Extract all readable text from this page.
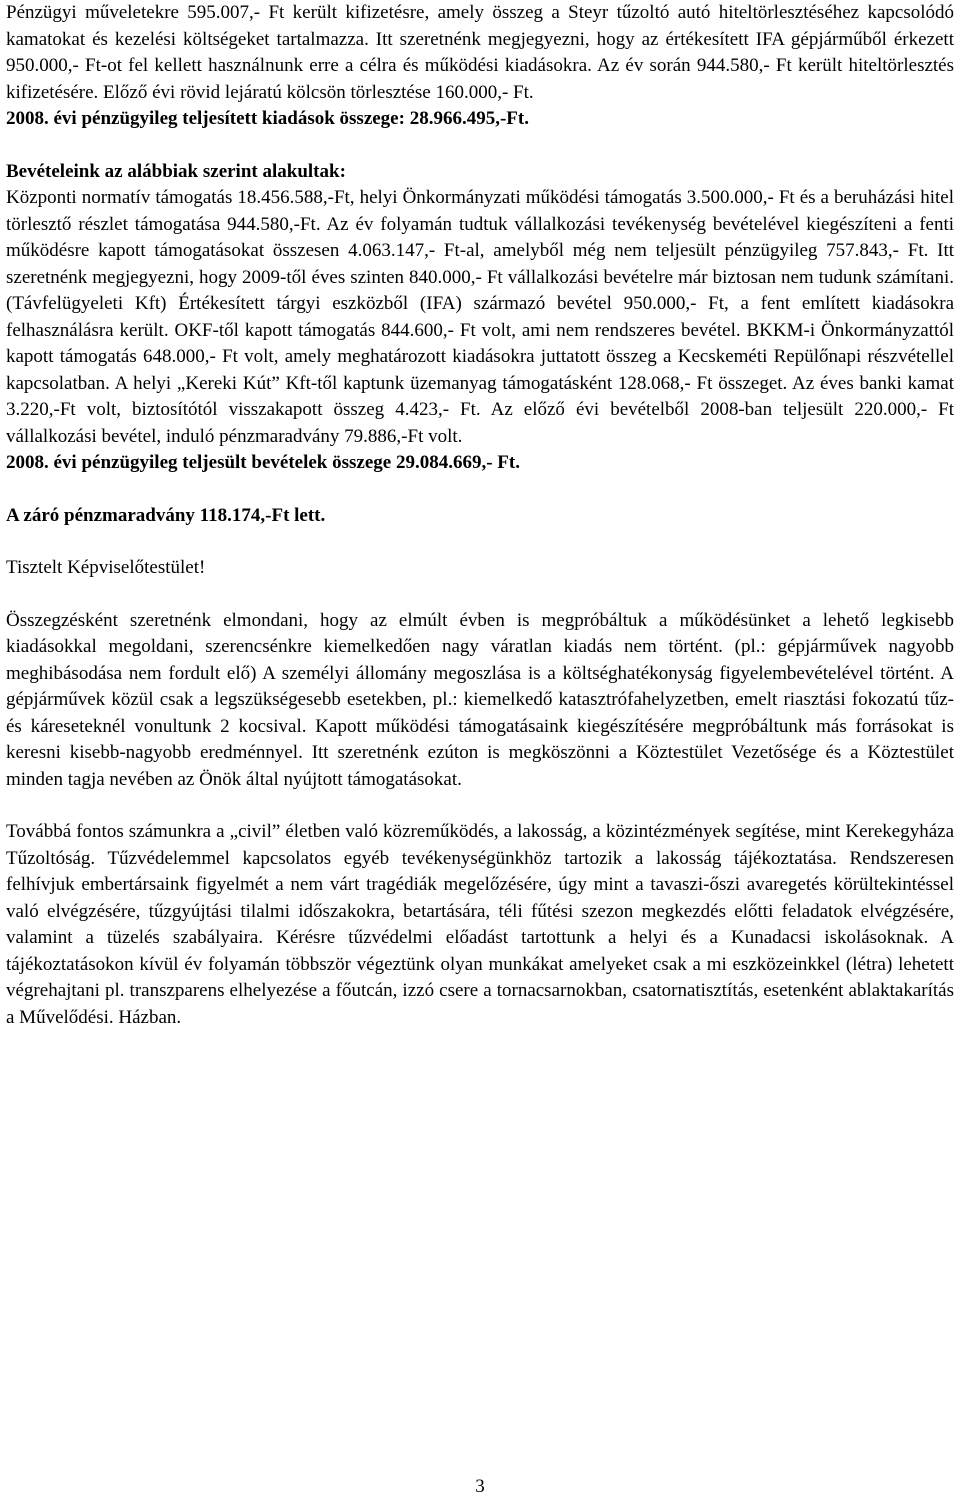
Pénzügyi műveletekre 595.007,- Ft került kifizetésre, amely összeg a Steyr tűzoltó autó hiteltörlesztéséhez kapcsolódó kamatokat és kezelési költségeket tartalmazza. Itt szeretnénk megjegyezni, hogy az értékesített IFA gépjárműből érkezett 950.000,- Ft-ot fel kellett használnunk erre a célra és működési kiadásokra. Az év során 944.580,- Ft került hiteltörlesztés kifizetésére. Előző évi rövid lejáratú kölcsön törlesztése 160.000,- Ft.

2008. évi pénzügyileg teljesített kiadások összege: 28.966.495,-Ft.

Bevételeink az alábbiak szerint alakultak:

Központi normatív támogatás 18.456.588,-Ft, helyi Önkormányzati működési támogatás 3.500.000,- Ft és a beruházási hitel törlesztő részlet támogatása 944.580,-Ft. Az év folyamán tudtuk vállalkozási tevékenység bevételével kiegészíteni a fenti működésre kapott támogatásokat összesen 4.063.147,- Ft-al, amelyből még nem teljesült pénzügyileg 757.843,- Ft. Itt szeretnénk megjegyezni, hogy 2009-től éves szinten 840.000,- Ft vállalkozási bevételre már biztosan nem tudunk számítani.(Távfelügyeleti Kft) Értékesített tárgyi eszközből (IFA) származó bevétel 950.000,- Ft, a fent említett kiadásokra felhasználásra került. OKF-től kapott támogatás 844.600,- Ft volt, ami nem rendszeres bevétel. BKKM-i Önkormányzattól kapott támogatás 648.000,- Ft volt, amely meghatározott kiadásokra juttatott összeg a Kecskeméti Repülőnapi részvétellel kapcsolatban. A helyi „Kereki Kút” Kft-től kaptunk üzemanyag támogatásként 128.068,- Ft összeget. Az éves banki kamat 3.220,-Ft volt, biztosítótól visszakapott összeg 4.423,- Ft. Az előző évi bevételből 2008-ban teljesült 220.000,- Ft vállalkozási bevétel, induló pénzmaradvány 79.886,-Ft volt.

2008. évi pénzügyileg teljesült bevételek összege 29.084.669,- Ft.

A záró pénzmaradvány 118.174,-Ft lett.

Tisztelt Képviselőtestület!

Összegzésként szeretnénk elmondani, hogy az elmúlt évben is megpróbáltuk a működésünket a lehető legkisebb kiadásokkal megoldani, szerencsénkre kiemelkedően nagy váratlan kiadás nem történt. (pl.: gépjárművek nagyobb meghibásodása nem fordult elő) A személyi állomány megoszlása is a költséghatékonyság figyelembevételével történt. A gépjárművek közül csak a legszükségesebb esetekben, pl.: kiemelkedő katasztrófahelyzetben, emelt riasztási fokozatú tűz- és káreseteknél vonultunk 2 kocsival. Kapott működési támogatásaink kiegészítésére megpróbáltunk más forrásokat is keresni kisebb-nagyobb eredménnyel. Itt szeretnénk ezúton is megköszönni a Köztestület Vezetősége és a Köztestület minden tagja nevében az Önök által nyújtott támogatásokat.

Továbbá fontos számunkra a „civil” életben való közreműködés, a lakosság, a közintézmények segítése, mint Kerekegyháza Tűzoltóság. Tűzvédelemmel kapcsolatos egyéb tevékenységünkhöz tartozik a lakosság tájékoztatása. Rendszeresen felhívjuk embertársaink figyelmét a nem várt tragédiák megelőzésére, úgy mint a tavaszi-őszi avaregetés körültekintéssel való elvégzésére, tűzgyújtási tilalmi időszakokra, betartására, téli fűtési szezon megkezdés előtti feladatok elvégzésére, valamint a tüzelés szabályaira. Kérésre tűzvédelmi előadást tartottunk a helyi és a Kunadacsi iskolásoknak. A tájékoztatásokon kívül év folyamán többször végeztünk olyan munkákat amelyeket csak a mi eszközeinkkel (létra) lehetett végrehajtani pl. transzparens elhelyezése a főutcán, izzó csere a tornacsarnokban, csatornatisztítás, esetenként ablaktakarítás a Művelődési. Házban.

3
